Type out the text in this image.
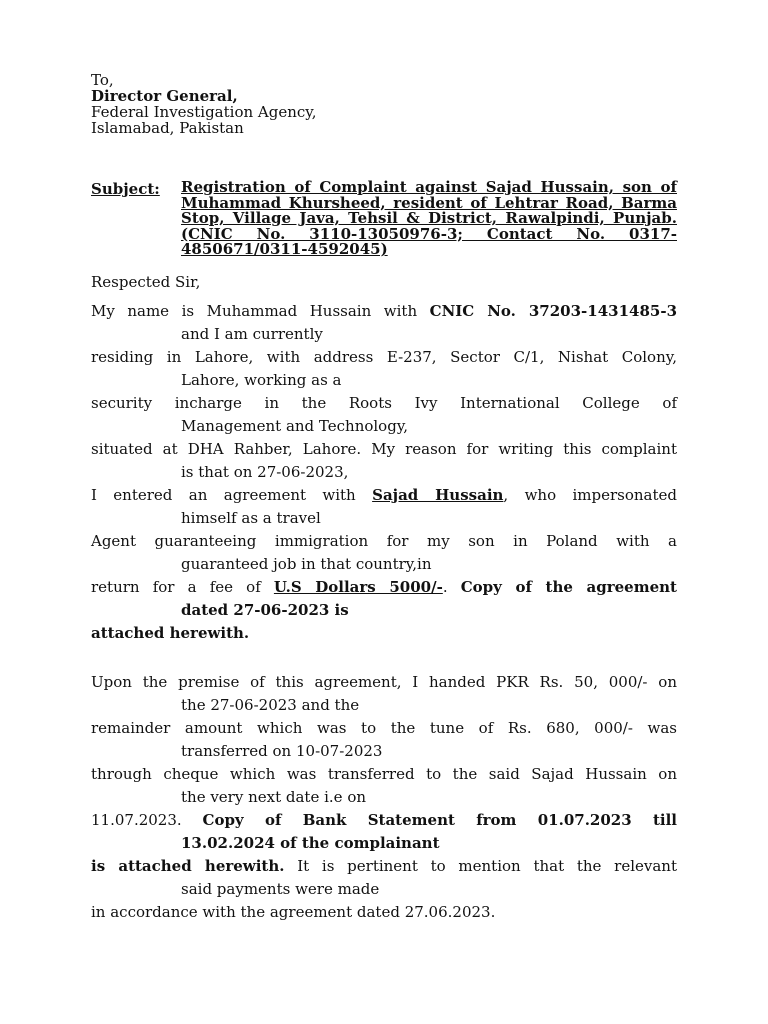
To,
Director General,
Federal Investigation Agency,
Islamabad, Pakistan
Subject: Registration of Complaint against Sajad Hussain, son of Muhammad Khursheed, resident of Lehtrar Road, Barma Stop, Village Java, Tehsil & District, Rawalpindi, Punjab. (CNIC No. 3110-13050976-3; Contact No. 0317-4850671/0311-4592045)
Respected Sir,
My name is Muhammad Hussain with CNIC No. 37203-1431485-3
and I am currently
residing in Lahore, with address E-237, Sector C/1, Nishat Colony,
Lahore, working as a
security incharge in the Roots Ivy International College of
Management and Technology,
situated at DHA Rahber, Lahore. My reason for writing this complaint
is that on 27-06-2023,
I entered an agreement with Sajad Hussain, who impersonated
himself as a travel
Agent guaranteeing immigration for my son in Poland with a
guaranteed job in that country,in
return for a fee of U.S Dollars 5000/-. Copy of the agreement
dated 27-06-2023 is
attached herewith.
Upon the premise of this agreement, I handed PKR Rs. 50, 000/- on
the 27-06-2023 and the
remainder amount which was to the tune of Rs. 680, 000/- was
transferred on 10-07-2023
through cheque which was transferred to the said Sajad Hussain on
the very next date i.e on
11.07.2023. Copy of Bank Statement from 01.07.2023 till
13.02.2024 of the complainant
is attached herewith. It is pertinent to mention that the relevant
said payments were made
in accordance with the agreement dated 27.06.2023.
